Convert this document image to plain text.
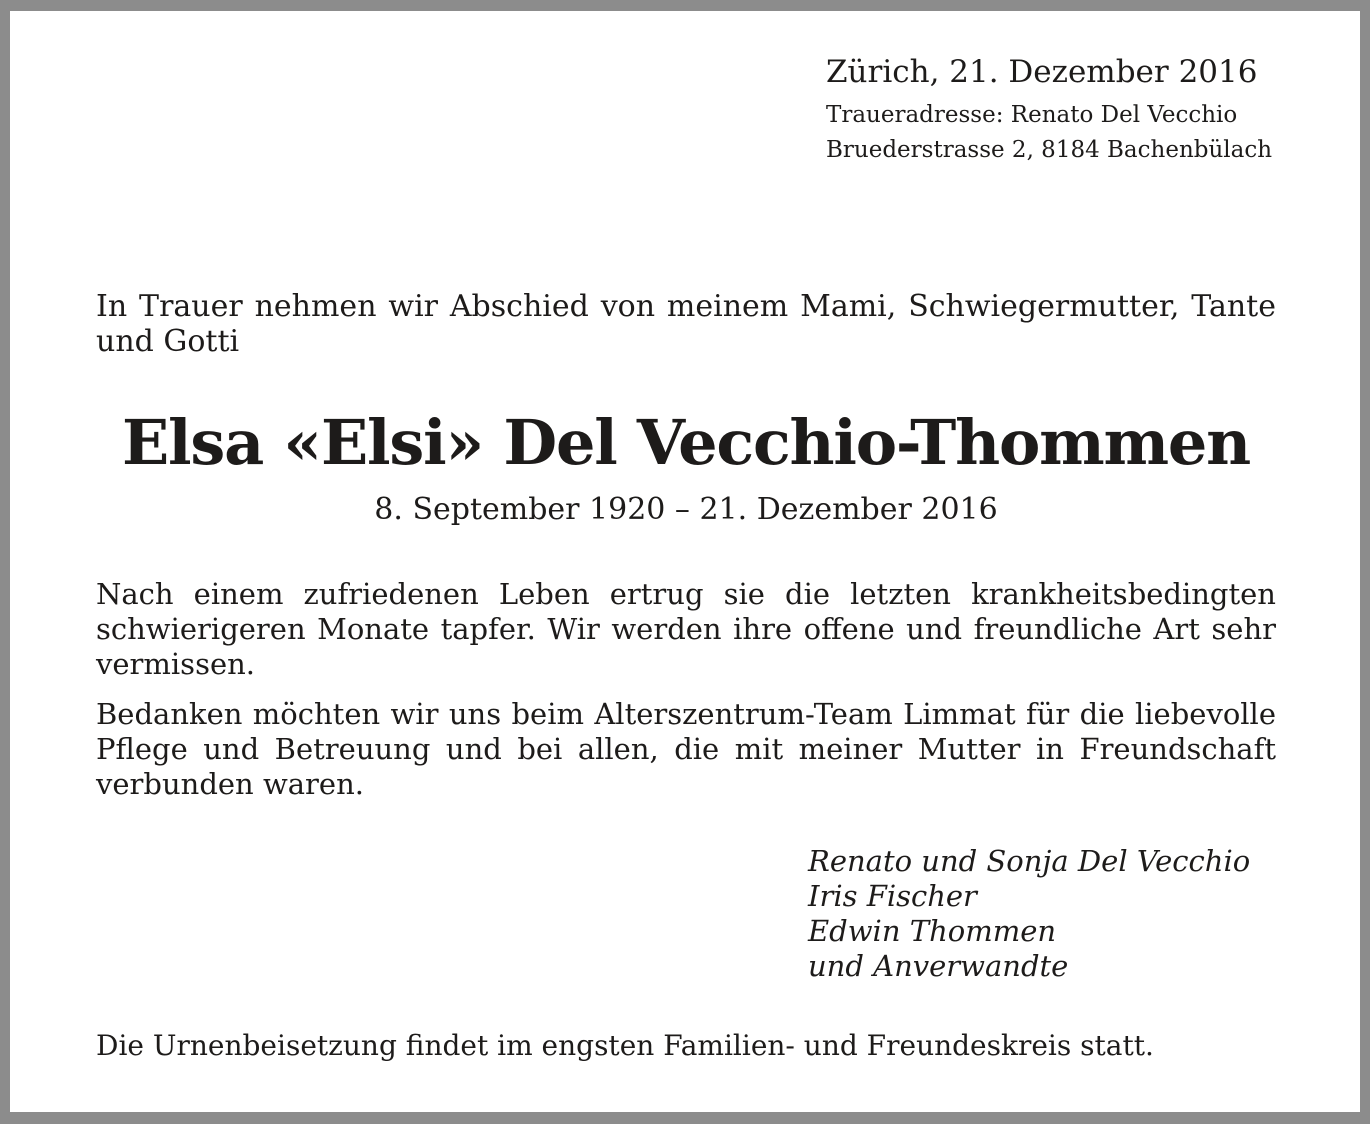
Zürich, 21. Dezember 2016
Traueradresse: Renato Del Vecchio
Bruederstrasse 2, 8184 Bachenbülach
In Trauer nehmen wir Abschied von meinem Mami, Schwiegermutter, Tante und Gotti
Elsa «Elsi» Del Vecchio-Thommen
8. September 1920 – 21. Dezember 2016
Nach einem zufriedenen Leben ertrug sie die letzten krankheitsbedingten schwierigeren Monate tapfer. Wir werden ihre offene und freundliche Art sehr vermissen.
Bedanken möchten wir uns beim Alterszentrum-Team Limmat für die liebevolle Pflege und Betreuung und bei allen, die mit meiner Mutter in Freundschaft verbunden waren.
Renato und Sonja Del Vecchio
Iris Fischer
Edwin Thommen
und Anverwandte
Die Urnenbeisetzung findet im engsten Familien- und Freundeskreis statt.
